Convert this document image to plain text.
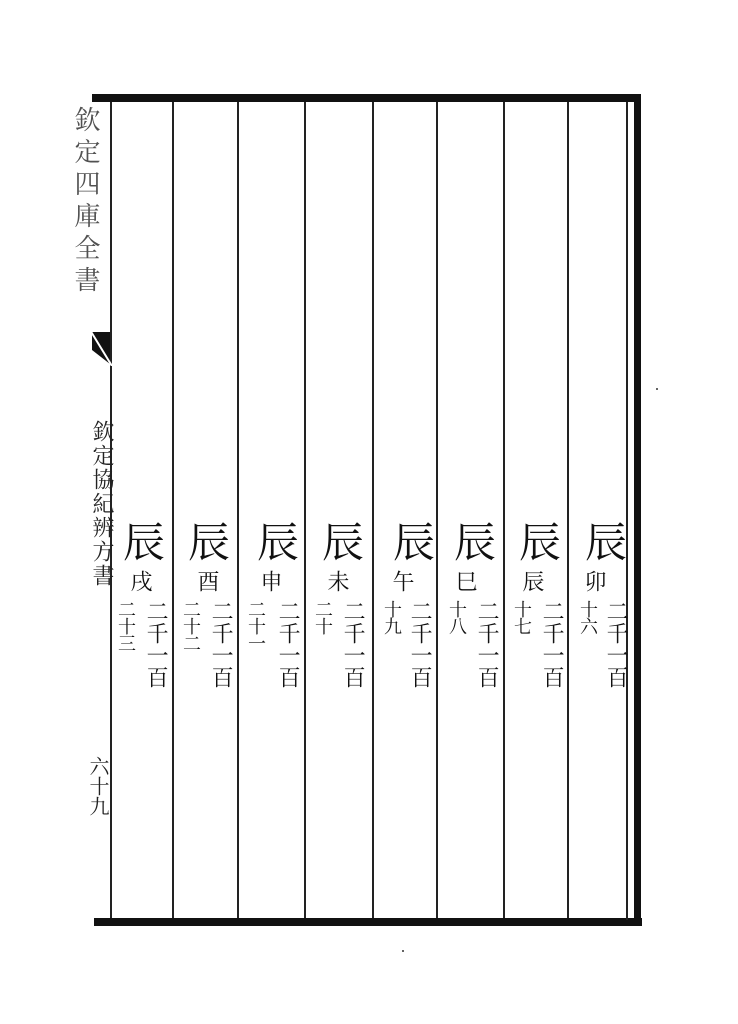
欽定四庫全書
欽定協紀辨方書
六十九
辰
卯
二千一百
十六
辰
辰
二千一百
十七
辰
巳
二千一百
十八
辰
午
二千一百
十九
辰
未
二千一百
二十
辰
申
二千一百
二十一
辰
酉
二千一百
二十二
辰
戌
二千一百
二十三
